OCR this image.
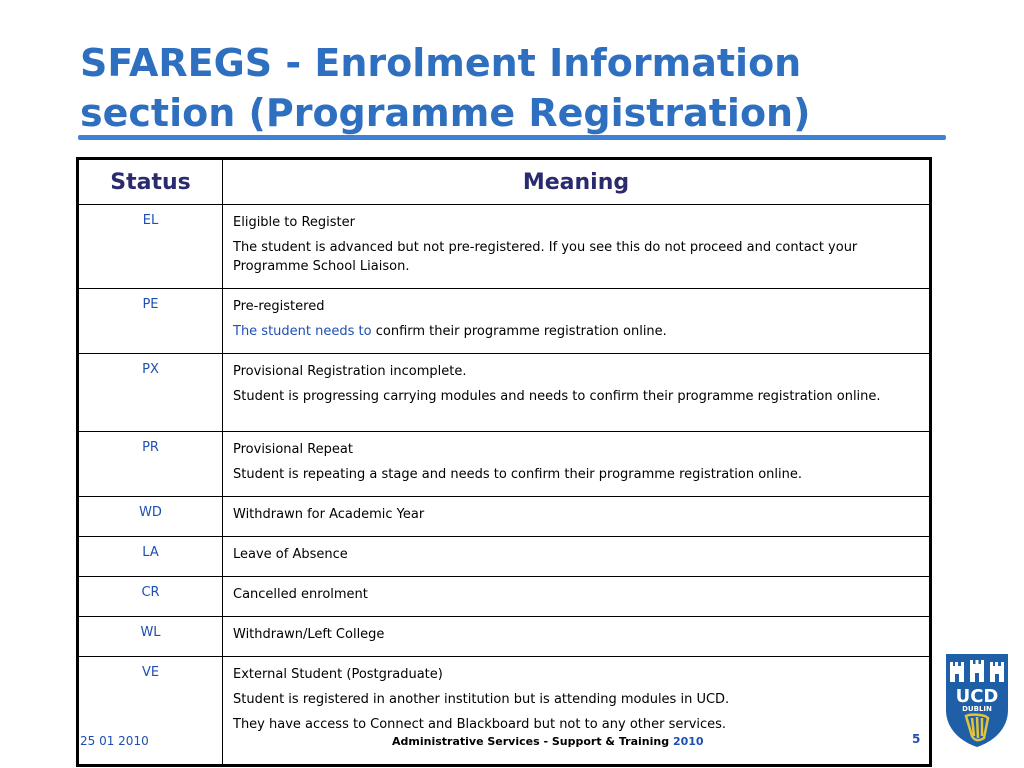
SFAREGS - Enrolment Information
section (Programme Registration)
Status	Meaning
EL	Eligible to Register

The student is advanced but not pre-registered. If you see this do not proceed and contact your Programme School Liaison.

PE	Pre-registered

The student needs to confirm their programme registration online.

PX	Provisional Registration incomplete.

Student is progressing carrying modules and needs to confirm their programme registration online.

PR	Provisional Repeat

Student is repeating a stage and needs to confirm their programme registration online.

WD	Withdrawn for Academic Year

LA	Leave of Absence

CR	Cancelled enrolment

WL	Withdrawn/Left College

VE	External Student (Postgraduate)

Student is registered in another institution but is attending modules in UCD.

They have access to Connect and Blackboard but not to any other services.

25 01 2010	Administrative Services - Support & Training 2010	5
UCD
DUBLIN
